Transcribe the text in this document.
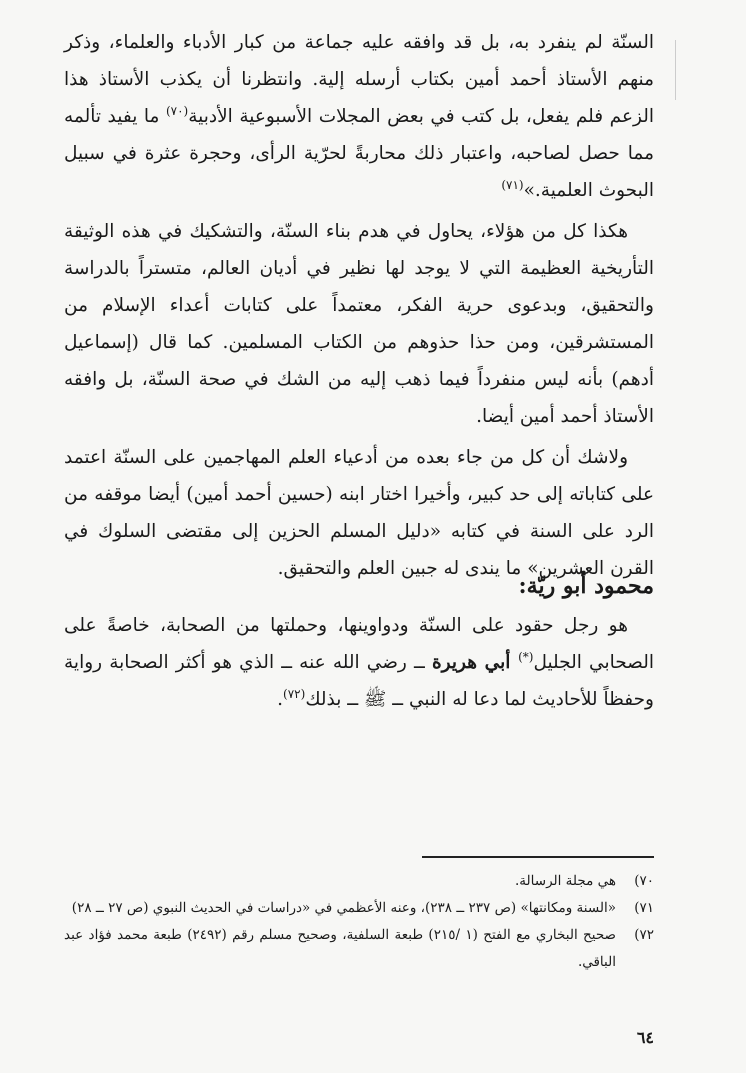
السنّة لم ينفرد به، بل قد وافقه عليه جماعة من كبار الأدباء والعلماء، وذكر منهم الأستاذ أحمد أمين بكتاب أرسله إلية. وانتظرنا أن يكذب الأستاذ هذا الزعم فلم يفعل، بل كتب في بعض المجلات الأسبوعية الأدبية$^{(٧٠)}$ ما يفيد تألمه مما حصل لصاحبه، واعتبار ذلك محاربةً لحرّية الرأى، وحجرة عثرة في سبيل البحوث العلمية.»$^{(٧١)}$

هكذا كل من هؤلاء، يحاول في هدم بناء السنّة، والتشكيك في هذه الوثيقة التأريخية العظيمة التي لا يوجد لها نظير في أديان العالم، متستراً بالدراسة والتحقيق، وبدعوى حرية الفكر، معتمداً على كتابات أعداء الإسلام من المستشرقين، ومن حذا حذوهم من الكتاب المسلمين. كما قال (إسماعيل أدهم) بأنه ليس منفرداً فيما ذهب إليه من الشك في صحة السنّة، بل وافقه الأستاذ أحمد أمين أيضا.

ولاشك أن كل من جاء بعده من أدعياء العلم المهاجمين على السنّة اعتمد على كتاباته إلى حد كبير، وأخيرا اختار ابنه (حسين أحمد أمين) أيضا موقفه من الرد على السنة في كتابه «دليل المسلم الحزين إلى مقتضى السلوك في القرن العشرين» ما يندى له جبين العلم والتحقيق.

محمود أبو ريّة:

هو رجل حقود على السنّة ودواوينها، وحملتها من الصحابة، خاصةً على الصحابي الجليل(*) أبي هريرة ــ رضي الله عنه ــ الذي هو أكثر الصحابة رواية وحفظاً للأحاديث لما دعا له النبي ــ ﷺ ــ بذلك$^{(٧٢)}$.

٧٠)
هي مجلة الرسالة.
٧١)
«السنة ومكانتها» (ص ٢٣٧ ــ ٢٣٨)، وعنه الأعظمي في «دراسات في الحديث النبوي (ص ٢٧ ــ ٢٨)
٧٢)
صحيح البخاري مع الفتح (١ /٢١٥) طبعة السلفية، وصحيح مسلم رقم (٢٤٩٢) طبعة محمد فؤاد عبد الباقي.
٦٤
